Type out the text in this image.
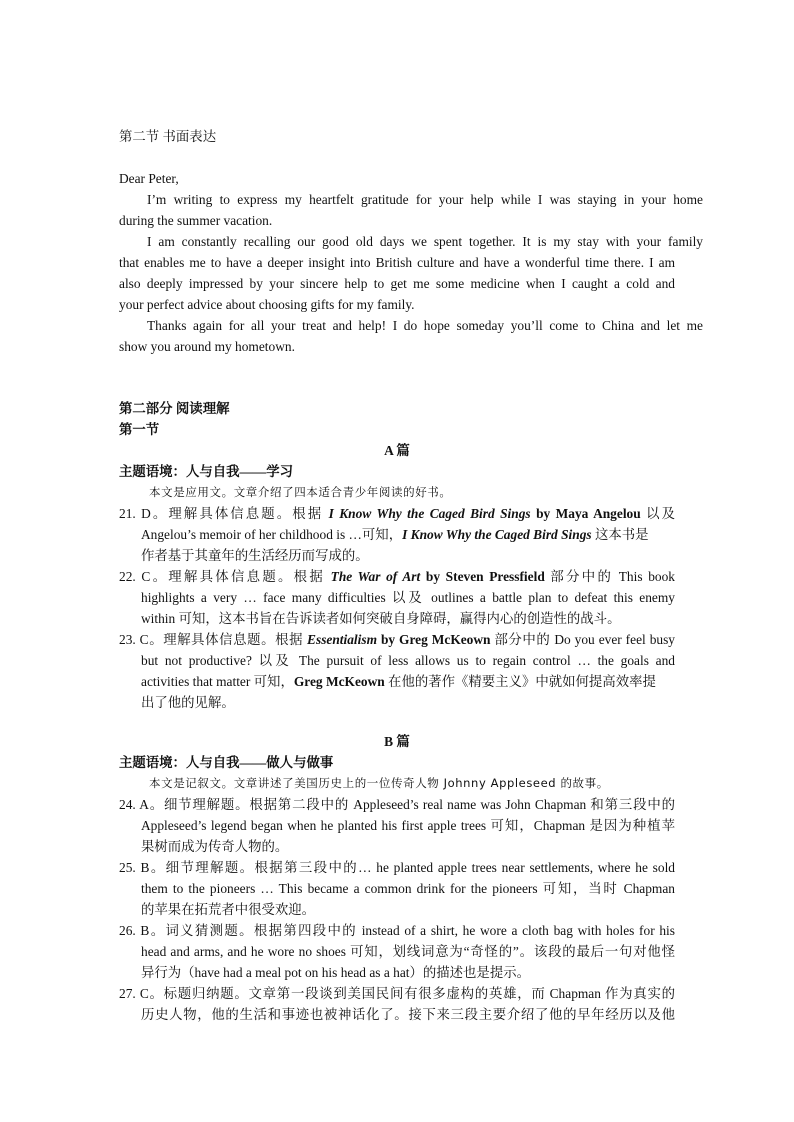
第二节 书面表达
Dear Peter,
I’m writing to express my heartfelt gratitude for your help while I was staying in your home
during the summer vacation.
I am constantly recalling our good old days we spent together. It is my stay with your family
that enables me to have a deeper insight into British culture and have a wonderful time there. I am
also deeply impressed by your sincere help to get me some medicine when I caught a cold and
your perfect advice about choosing gifts for my family.
Thanks again for all your treat and help! I do hope someday you’ll come to China and let me
show you around my hometown.
第二部分 阅读理解
第一节
A 篇
主题语境：人与自我——学习
本文是应用文。文章介绍了四本适合青少年阅读的好书。
21. D。理解具体信息题。根据 I Know Why the Caged Bird Sings by Maya Angelou 以及
Angelou’s memoir of her childhood is …可知，I Know Why the Caged Bird Sings 这本书是
作者基于其童年的生活经历而写成的。
22. C。理解具体信息题。根据 The War of Art by Steven Pressfield 部分中的 This book
highlights a very … face many difficulties 以及 outlines a battle plan to defeat this enemy
within 可知，这本书旨在告诉读者如何突破自身障碍，赢得内心的创造性的战斗。
23. C。理解具体信息题。根据 Essentialism by Greg McKeown 部分中的 Do you ever feel busy
but not productive? 以及 The pursuit of less allows us to regain control … the goals and
activities that matter 可知，Greg McKeown 在他的著作《精要主义》中就如何提高效率提
出了他的见解。
B 篇
主题语境：人与自我——做人与做事
本文是记叙文。文章讲述了美国历史上的一位传奇人物 Johnny Appleseed 的故事。
24. A。细节理解题。根据第二段中的 Appleseed’s real name was John Chapman 和第三段中的
Appleseed’s legend began when he planted his first apple trees 可知，Chapman 是因为种植苹
果树而成为传奇人物的。
25. B。细节理解题。根据第三段中的… he planted apple trees near settlements, where he sold
them to the pioneers … This became a common drink for the pioneers 可知，当时 Chapman
的苹果在拓荒者中很受欢迎。
26. B。词义猜测题。根据第四段中的 instead of a shirt, he wore a cloth bag with holes for his
head and arms, and he wore no shoes 可知，划线词意为“奇怪的”。该段的最后一句对他怪
异行为（have had a meal pot on his head as a hat）的描述也是提示。
27. C。标题归纳题。文章第一段谈到美国民间有很多虚构的英雄，而 Chapman 作为真实的
历史人物，他的生活和事迹也被神话化了。接下来三段主要介绍了他的早年经历以及他
